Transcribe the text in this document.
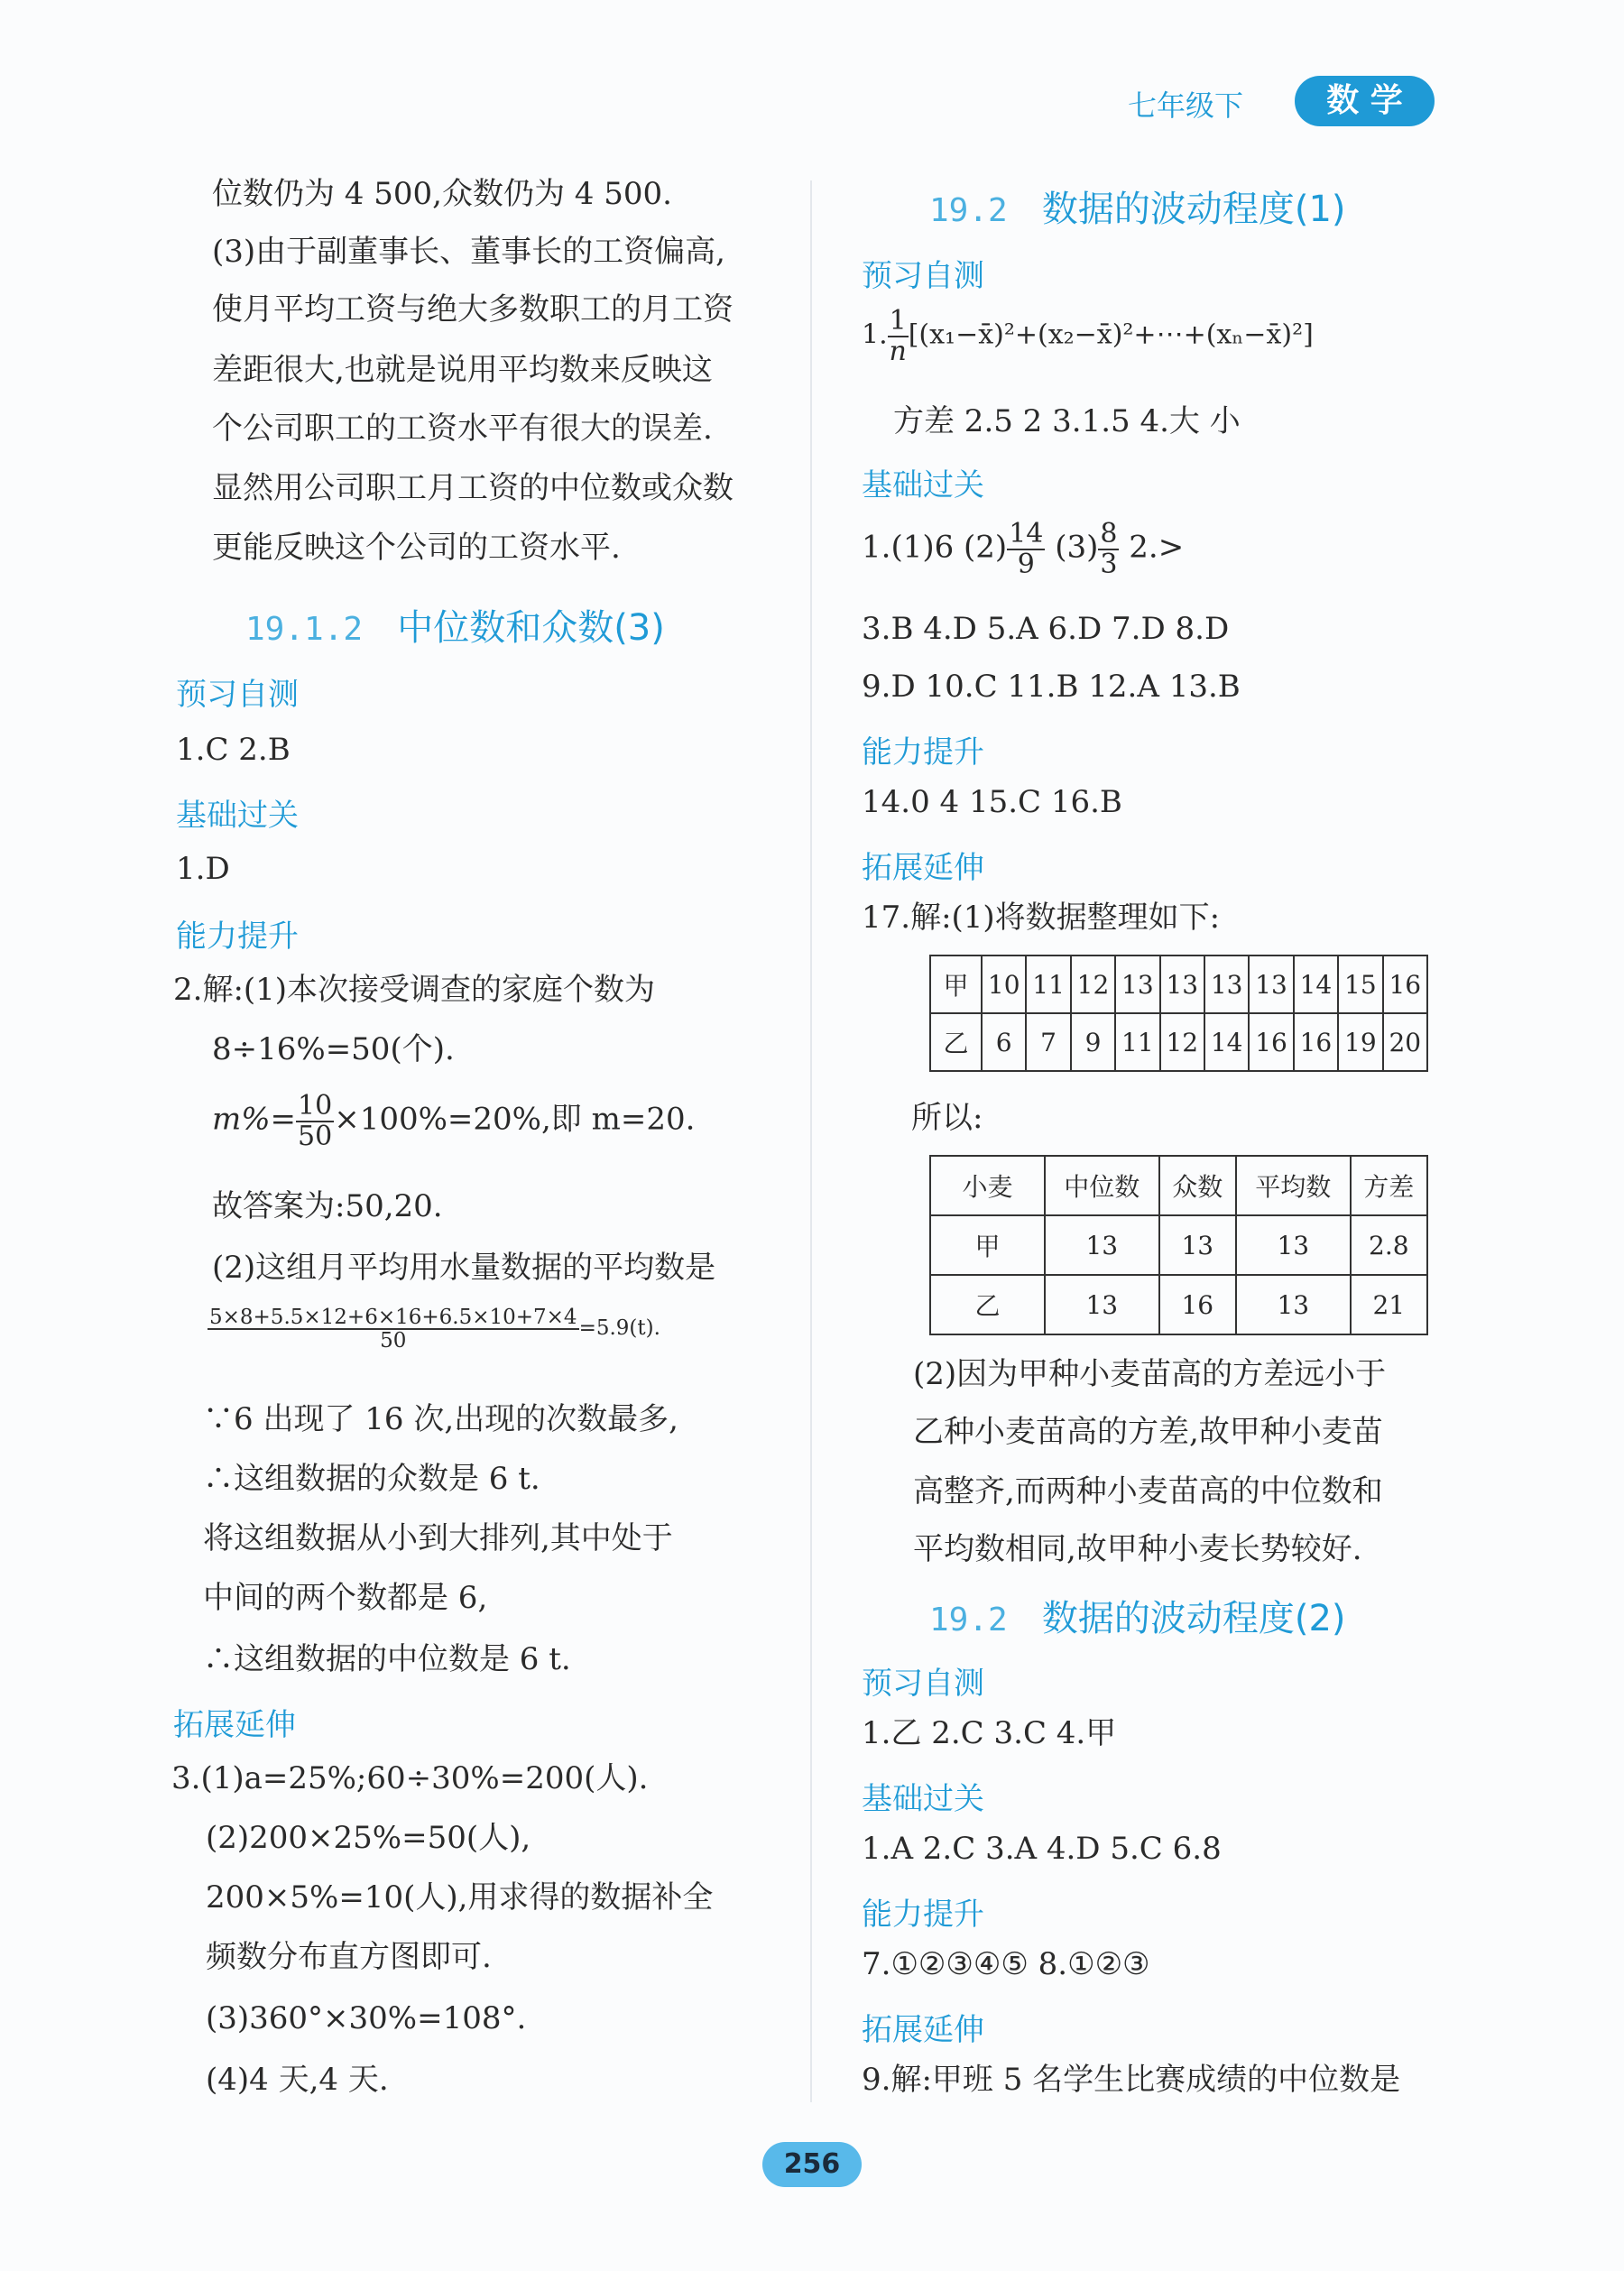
七年级下	数 学
位数仍为 4 500,众数仍为 4 500.
(3)由于副董事长、董事长的工资偏高,
使月平均工资与绝大多数职工的月工资
差距很大,也就是说用平均数来反映这
个公司职工的工资水平有很大的误差.
显然用公司职工月工资的中位数或众数
更能反映这个公司的工资水平.
19.1.2 中位数和众数(3)
预习自测
1.C 2.B
基础过关
1.D
能力提升
2.解:(1)本次接受调查的家庭个数为
8÷16%=50(个).
$m\%= \frac{10}{50} \times 100\%=20\%$,即 m=20.
故答案为:50,20.
(2)这组月平均用水量数据的平均数是
$\frac{5\times 8+5.5\times 12+6\times 16+6.5\times 10+7\times 4}{50} =5.9(t)$.
∵6 出现了 16 次,出现的次数最多,
∴这组数据的众数是 6 t.
将这组数据从小到大排列,其中处于
中间的两个数都是 6,
∴这组数据的中位数是 6 t.
拓展延伸
3.(1)a=25%;60÷30%=200(人).
(2)200×25%=50(人),
200×5%=10(人),用求得的数据补全
频数分布直方图即可.
(3)360°×30%=108°.
(4)4 天,4 天.
19.2 数据的波动程度(1)
预习自测
1. $\frac{1}{n}$ [(x₁−x̄)²+(x₂−x̄)²+⋯+(xₙ−x̄)²]
方差 2.5 2 3.1.5 4.大 小
基础过关
1.(1)6 $(2) \frac{14}{9} (3) \frac{8}{3} 2.>$
3.B 4.D 5.A 6.D 7.D 8.D
9.D 10.C 11.B 12.A 13.B
能力提升
14.0 4 15.C 16.B
拓展延伸
17.解:(1)将数据整理如下:
甲	10	11	12	13	13	13	13	14	15	16
乙	6	7	9	11	12	14	16	16	19	20
所以:
小麦	中位数	众数	平均数	方差
甲	13	13	13	2.8
乙	13	16	13	21
(2)因为甲种小麦苗高的方差远小于
乙种小麦苗高的方差,故甲种小麦苗
高整齐,而两种小麦苗高的中位数和
平均数相同,故甲种小麦长势较好.
19.2 数据的波动程度(2)
预习自测
1.乙 2.C 3.C 4.甲
基础过关
1.A 2.C 3.A 4.D 5.C 6.8
能力提升
7.①②③④⑤ 8.①②③
拓展延伸
9.解:甲班 5 名学生比赛成绩的中位数是
256
